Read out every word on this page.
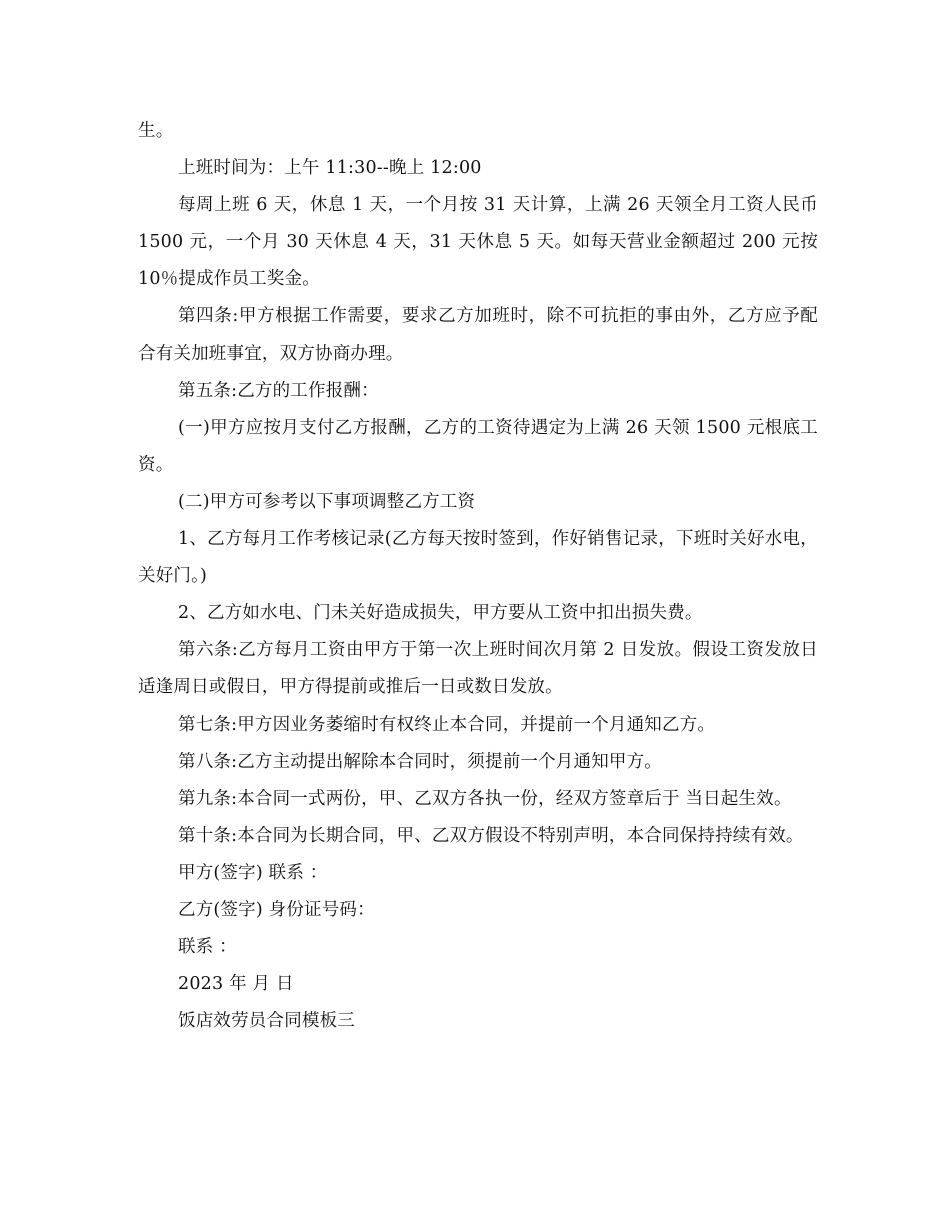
生。

上班时间为：上午 11:30--晚上 12:00

每周上班 6 天，休息 1 天，一个月按 31 天计算，上满 26 天领全月工资人民币 1500 元，一个月 30 天休息 4 天，31 天休息 5 天。如每天营业金额超过 200 元按 10％提成作员工奖金。

第四条:甲方根据工作需要，要求乙方加班时，除不可抗拒的事由外，乙方应予配合有关加班事宜，双方协商办理。

第五条:乙方的工作报酬：

(一)甲方应按月支付乙方报酬，乙方的工资待遇定为上满 26 天领 1500 元根底工资。

(二)甲方可参考以下事项调整乙方工资

1、乙方每月工作考核记录(乙方每天按时签到，作好销售记录，下班时关好水电，关好门。)

2、乙方如水电、门未关好造成损失，甲方要从工资中扣出损失费。

第六条:乙方每月工资由甲方于第一次上班时间次月第 2 日发放。假设工资发放日适逢周日或假日，甲方得提前或推后一日或数日发放。

第七条:甲方因业务萎缩时有权终止本合同，并提前一个月通知乙方。

第八条:乙方主动提出解除本合同时，须提前一个月通知甲方。

第九条:本合同一式两份，甲、乙双方各执一份，经双方签章后于 当日起生效。

第十条:本合同为长期合同，甲、乙双方假设不特别声明，本合同保持持续有效。

甲方(签字) 联系 ：

乙方(签字) 身份证号码：

联系 ：

2023 年 月 日

饭店效劳员合同模板三
